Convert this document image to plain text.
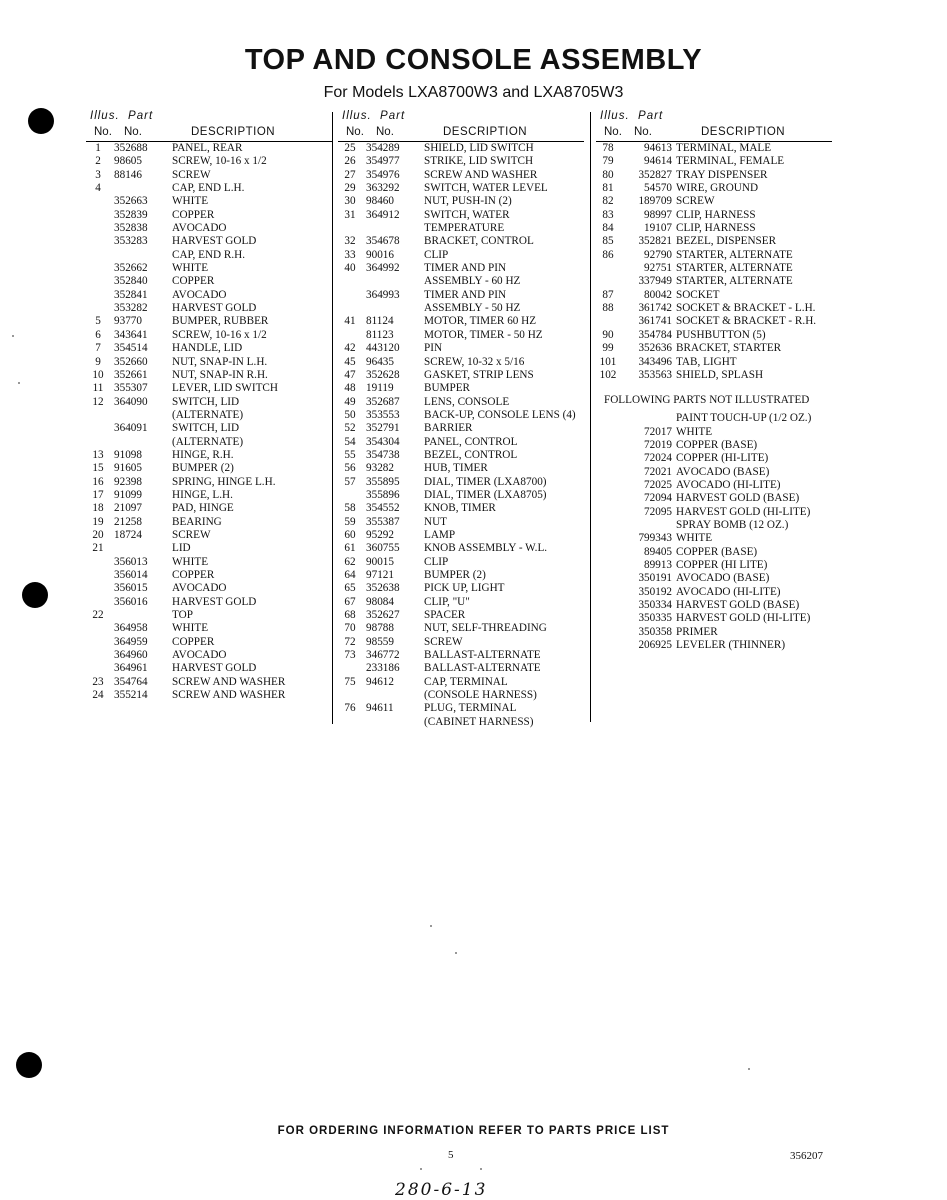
TOP AND CONSOLE ASSEMBLY
For Models LXA8700W3 and LXA8705W3
Illus. Part
No. No.	DESCRIPTION
1	352688	PANEL, REAR
2	98605	SCREW, 10-16 x 1/2
3	88146	SCREW
4	CAP, END L.H.
352663	WHITE
352839	COPPER
352838	AVOCADO
353283	HARVEST GOLD
CAP, END R.H.
352662	WHITE
352840	COPPER
352841	AVOCADO
353282	HARVEST GOLD
5	93770	BUMPER, RUBBER
6	343641	SCREW, 10-16 x 1/2
7	354514	HANDLE, LID
9	352660	NUT, SNAP-IN L.H.
10 352661	NUT, SNAP-IN R.H.
11 355307	LEVER, LID SWITCH
12 364090	SWITCH, LID
(ALTERNATE)
364091	SWITCH, LID
(ALTERNATE)
13 91098	HINGE, R.H.
15 91605	BUMPER (2)
16 92398	SPRING, HINGE L.H.
17 91099	HINGE, L.H.
18 21097	PAD, HINGE
19 21258	BEARING
20 18724	SCREW
21	LID
356013	WHITE
356014	COPPER
356015	AVOCADO
356016	HARVEST GOLD
22	TOP
364958	WHITE
364959	COPPER
364960	AVOCADO
364961	HARVEST GOLD
23 354764	SCREW AND WASHER
24 355214	SCREW AND WASHER
Illus. Part
No. No.	DESCRIPTION
25 354289	SHIELD, LID SWITCH
26 354977	STRIKE, LID SWITCH
27 354976	SCREW AND WASHER
29 363292	SWITCH, WATER LEVEL
30 98460	NUT, PUSH-IN (2)
31 364912	SWITCH, WATER
TEMPERATURE
32 354678	BRACKET, CONTROL
33 90016	CLIP
40 364992	TIMER AND PIN
ASSEMBLY - 60 HZ
364993	TIMER AND PIN
ASSEMBLY - 50 HZ
41 81124	MOTOR, TIMER 60 HZ
81123	MOTOR, TIMER - 50 HZ
42 443120	PIN
45 96435	SCREW, 10-32 x 5/16
47 352628	GASKET, STRIP LENS
48 19119	BUMPER
49 352687	LENS, CONSOLE
50 353553	BACK-UP, CONSOLE LENS (4)
52 352791	BARRIER
54 354304	PANEL, CONTROL
55 354738	BEZEL, CONTROL
56 93282	HUB, TIMER
57 355895	DIAL, TIMER (LXA8700)
355896	DIAL, TIMER (LXA8705)
58 354552	KNOB, TIMER
59 355387	NUT
60 95292	LAMP
61 360755	KNOB ASSEMBLY - W.L.
62 90015	CLIP
64 97121	BUMPER (2)
65 352638	PICK UP, LIGHT
67 98084	CLIP, "U"
68 352627	SPACER
70 98788	NUT, SELF-THREADING
72 98559	SCREW
73 346772	BALLAST-ALTERNATE
233186	BALLAST-ALTERNATE
75 94612	CAP, TERMINAL
(CONSOLE HARNESS)
76 94611	PLUG, TERMINAL
(CABINET HARNESS)
Illus. Part
No. No.	DESCRIPTION
78	94613 TERMINAL, MALE
79	94614 TERMINAL, FEMALE
80	352827 TRAY DISPENSER
81	54570 WIRE, GROUND
82	189709 SCREW
83	98997 CLIP, HARNESS
84	19107 CLIP, HARNESS
85	352821 BEZEL, DISPENSER
86	92790 STARTER, ALTERNATE
92751 STARTER, ALTERNATE
337949 STARTER, ALTERNATE
87	80042 SOCKET
88	361742 SOCKET & BRACKET - L.H.
361741 SOCKET & BRACKET - R.H.
90	354784 PUSHBUTTON (5)
99	352636 BRACKET, STARTER
101	343496 TAB, LIGHT
102	353563 SHIELD, SPLASH
FOLLOWING PARTS NOT ILLUSTRATED
PAINT TOUCH-UP (1/2 OZ.)
72017 WHITE
72019 COPPER (BASE)
72024 COPPER (HI-LITE)
72021 AVOCADO (BASE)
72025 AVOCADO (HI-LITE)
72094 HARVEST GOLD (BASE)
72095 HARVEST GOLD (HI-LITE)
SPRAY BOMB (12 OZ.)
799343 WHITE
89405 COPPER (BASE)
89913 COPPER (HI LITE)
350191 AVOCADO (BASE)
350192 AVOCADO (HI-LITE)
350334 HARVEST GOLD (BASE)
350335 HARVEST GOLD (HI-LITE)
350358 PRIMER
206925 LEVELER (THINNER)
FOR ORDERING INFORMATION REFER TO PARTS PRICE LIST
5	356207
280-6-13
